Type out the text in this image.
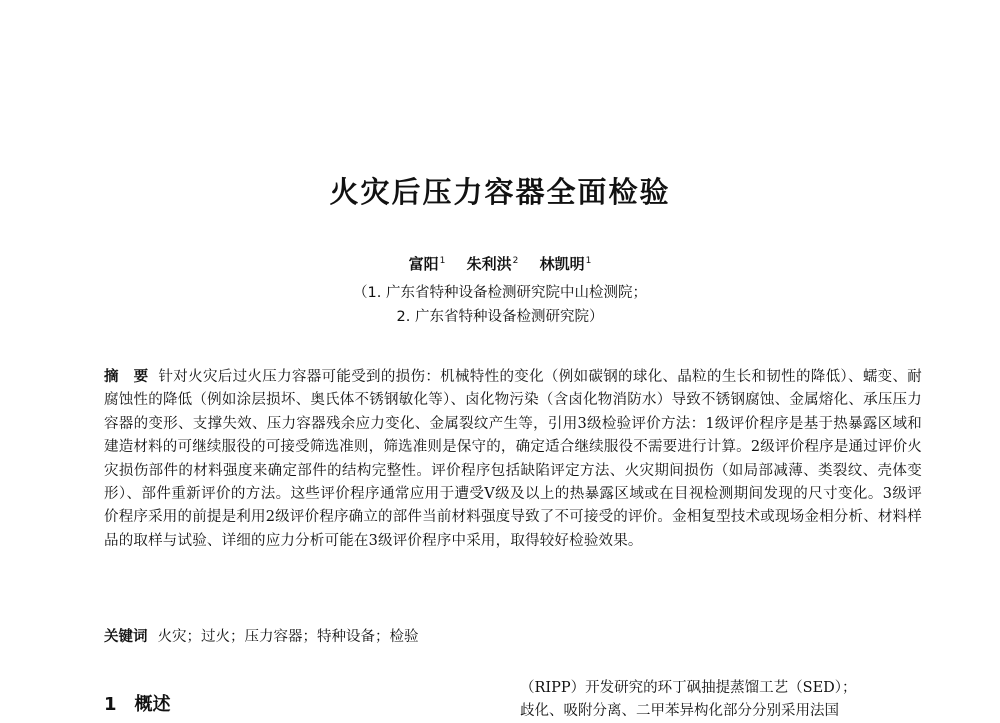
火灾后压力容器全面检验
富阳$^1$ 朱利洪$^2$ 林凯明$^1$
（1. 广东省特种设备检测研究院中山检测院；
2. 广东省特种设备检测研究院）
摘　要 针对火灾后过火压力容器可能受到的损伤：机械特性的变化（例如碳钢的球化、晶粒的生长和韧性的降低）、蠕变、耐腐蚀性的降低（例如涂层损坏、奥氏体不锈钢敏化等）、卤化物污染（含卤化物消防水）导致不锈钢腐蚀、金属熔化、承压压力容器的变形、支撑失效、压力容器残余应力变化、金属裂纹产生等，引用3级检验评价方法：1级评价程序是基于热暴露区域和建造材料的可继续服役的可接受筛选准则，筛选准则是保守的，确定适合继续服役不需要进行计算。2级评价程序是通过评价火灾损伤部件的材料强度来确定部件的结构完整性。评价程序包括缺陷评定方法、火灾期间损伤（如局部减薄、类裂纹、壳体变形）、部件重新评价的方法。这些评价程序通常应用于遭受Ⅴ级及以上的热暴露区域或在目视检测期间发现的尺寸变化。3级评价程序采用的前提是利用2级评价程序确立的部件当前材料强度导致了不可接受的评价。金相复型技术或现场金相分析、材料样品的取样与试验、详细的应力分析可能在3级评价程序中采用，取得较好检验效果。
关键词 火灾；过火；压力容器；特种设备；检验
1 概述
（RIPP）开发研究的环丁砜抽提蒸馏工艺（SED）；
歧化、吸附分离、二甲苯异构化部分分别采用法国
